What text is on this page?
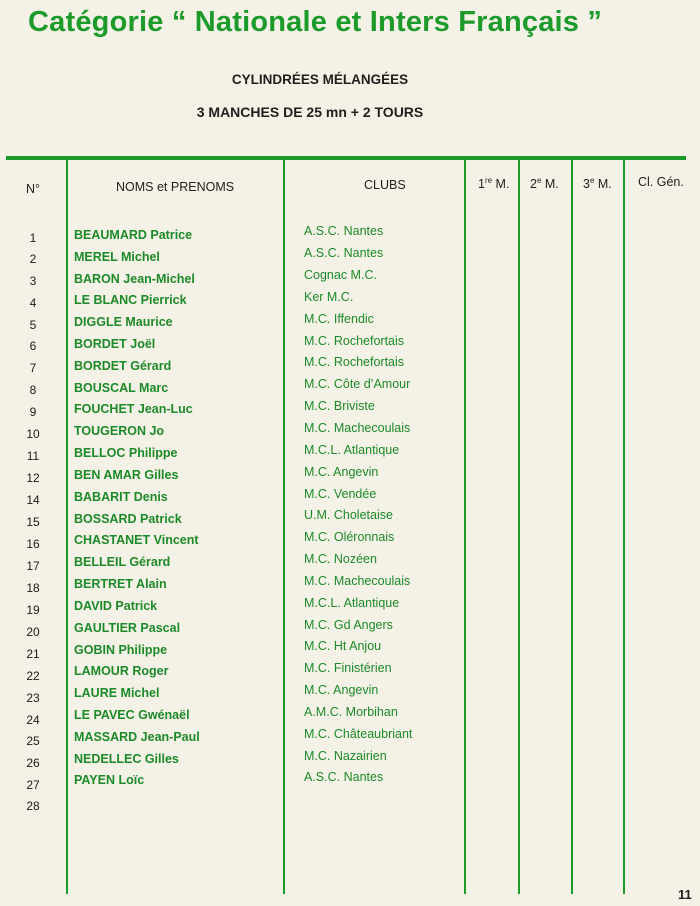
Catégorie “ Nationale et Inters Français ”
CYLINDRÉES MÉLANGÉES
3 MANCHES DE 25 mn + 2 TOURS
N°	NOMS et PRENOMS	CLUBS	1re M. 2e M. 3e M. Cl. Gén.
1	BEAUMARD Patrice	A.S.C. Nantes
2	MEREL Michel	A.S.C. Nantes
3	BARON Jean-Michel	Cognac M.C.
4	LE BLANC Pierrick	Ker M.C.
5	DIGGLE Maurice	M.C. Iffendic
6	BORDET Joël	M.C. Rochefortais
7	BORDET Gérard	M.C. Rochefortais
8	BOUSCAL Marc	M.C. Côte d’Amour
9	FOUCHET Jean-Luc	M.C. Briviste
10	TOUGERON Jo	M.C. Machecoulais
11	BELLOC Philippe	M.C.L. Atlantique
12	BEN AMAR Gilles	M.C. Angevin
14	BABARIT Denis	M.C. Vendée
15	BOSSARD Patrick	U.M. Choletaise
16	CHASTANET Vincent	M.C. Oléronnais
17	BELLEIL Gérard	M.C. Nozéen
18	BERTRET Alain	M.C. Machecoulais
19	DAVID Patrick	M.C.L. Atlantique
20	GAULTIER Pascal	M.C. Gd Angers
21	GOBIN Philippe	M.C. Ht Anjou
22	LAMOUR Roger	M.C. Finistérien
23	LAURE Michel	M.C. Angevin
24	LE PAVEC Gwénaël	A.M.C. Morbihan
25	MASSARD Jean-Paul	M.C. Châteaubriant
26	NEDELLEC Gilles	M.C. Nazairien
27	PAYEN Loïc	A.S.C. Nantes
28
11
